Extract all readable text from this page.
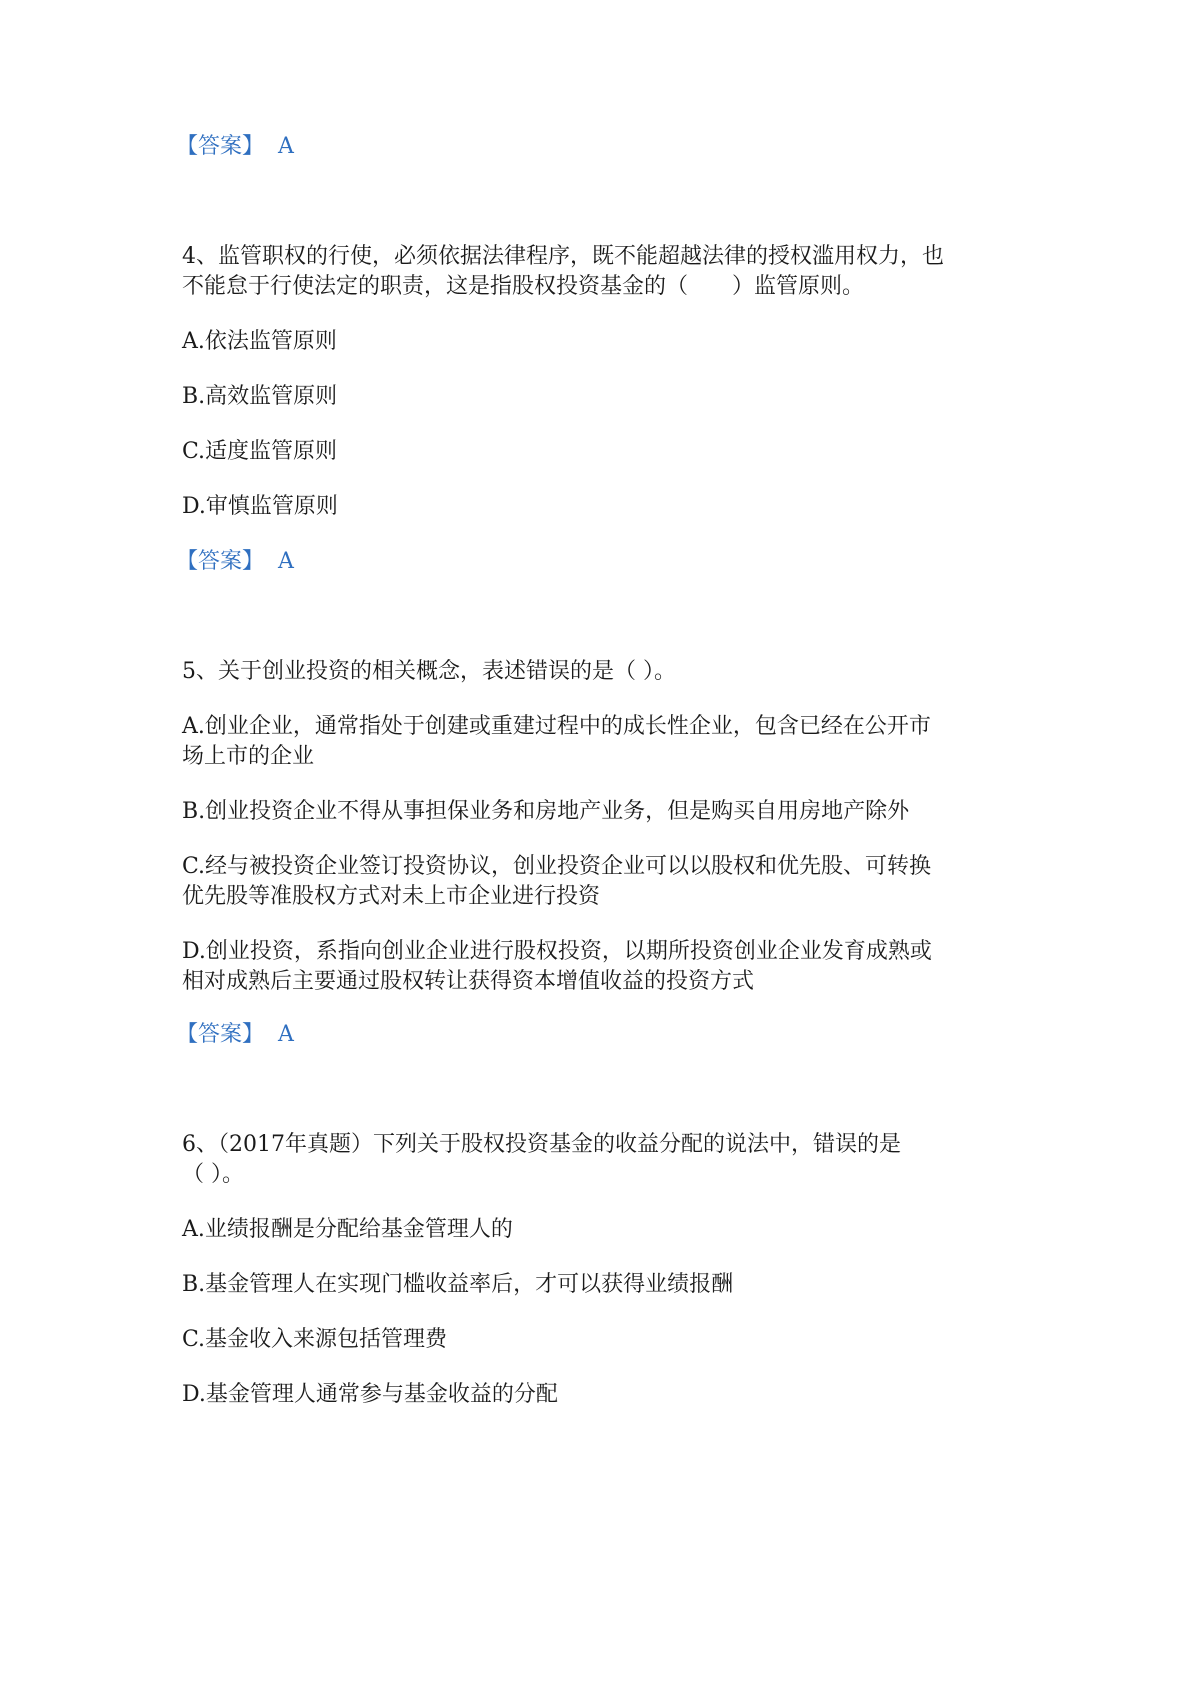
【答案】 A
4、监管职权的行使，必须依据法律程序，既不能超越法律的授权滥用权力，也
不能怠于行使法定的职责，这是指股权投资基金的（　　）监管原则。
A.依法监管原则
B.高效监管原则
C.适度监管原则
D.审慎监管原则
【答案】 A
5、关于创业投资的相关概念，表述错误的是（ ）。
A.创业企业，通常指处于创建或重建过程中的成长性企业，包含已经在公开市
场上市的企业
B.创业投资企业不得从事担保业务和房地产业务，但是购买自用房地产除外
C.经与被投资企业签订投资协议，创业投资企业可以以股权和优先股、可转换
优先股等准股权方式对未上市企业进行投资
D.创业投资，系指向创业企业进行股权投资，以期所投资创业企业发育成熟或
相对成熟后主要通过股权转让获得资本增值收益的投资方式
【答案】 A
6、（2017年真题）下列关于股权投资基金的收益分配的说法中，错误的是
（ ）。
A.业绩报酬是分配给基金管理人的
B.基金管理人在实现门槛收益率后，才可以获得业绩报酬
C.基金收入来源包括管理费
D.基金管理人通常参与基金收益的分配
